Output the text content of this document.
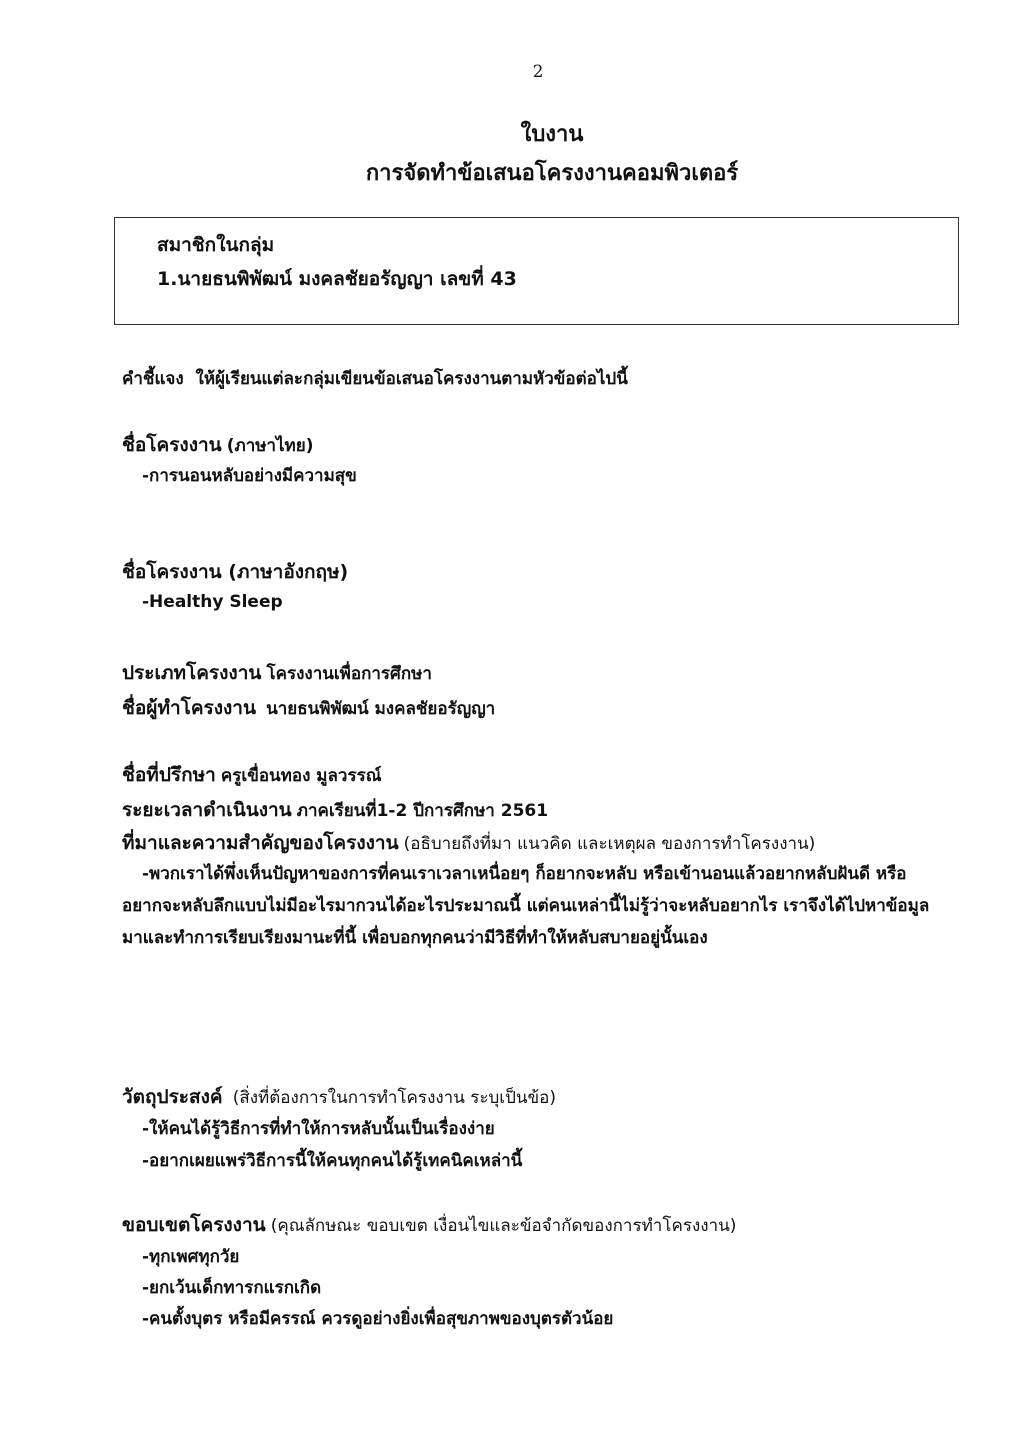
2
ใบงาน
การจัดทำข้อเสนอโครงงานคอมพิวเตอร์
สมาชิกในกลุ่ม
1.นายธนพิพัฒน์ มงคลชัยอรัญญา เลขที่ 43
คำชี้แจง ให้ผู้เรียนแต่ละกลุ่มเขียนข้อเสนอโครงงานตามหัวข้อต่อไปนี้
ชื่อโครงงาน (ภาษาไทย)
-การนอนหลับอย่างมีความสุข
ชื่อโครงงาน (ภาษาอังกฤษ)
-Healthy Sleep
ประเภทโครงงาน โครงงานเพื่อการศึกษา
ชื่อผู้ทำโครงงาน นายธนพิพัฒน์ มงคลชัยอรัญญา
ชื่อที่ปรึกษา ครูเขื่อนทอง มูลวรรณ์
ระยะเวลาดำเนินงาน ภาคเรียนที่1-2 ปีการศึกษา 2561
ที่มาและความสำคัญของโครงงาน (อธิบายถึงที่มา แนวคิด และเหตุผล ของการทำโครงงาน)
-พวกเราได้พึ่งเห็นปัญหาของการที่คนเราเวลาเหนื่อยๆ ก็อยากจะหลับ หรือเข้านอนแล้วอยากหลับฝันดี หรือ
อยากจะหลับลึกแบบไม่มีอะไรมากวนได้อะไรประมาณนี้ แต่คนเหล่านี้ไม่รู้ว่าจะหลับอยากไร เราจึงได้ไปหาข้อมูล
มาและทำการเรียบเรียงมานะที่นี้ เพื่อบอกทุกคนว่ามีวิธีที่ทำให้หลับสบายอยู่นั้นเอง
วัตถุประสงค์ (สิ่งที่ต้องการในการทำโครงงาน ระบุเป็นข้อ)
-ให้คนได้รู้วิธีการที่ทำให้การหลับนั้นเป็นเรื่องง่าย
-อยากเผยแพร่วิธีการนี้ให้คนทุกคนได้รู้เทคนิคเหล่านี้
ขอบเขตโครงงาน (คุณลักษณะ ขอบเขต เงื่อนไขและข้อจำกัดของการทำโครงงาน)
-ทุกเพศทุกวัย
-ยกเว้นเด็กทารกแรกเกิด
-คนตั้งบุตร หรือมีครรณ์ ควรดูอย่างยิ่งเพื่อสุขภาพของบุตรตัวน้อย
